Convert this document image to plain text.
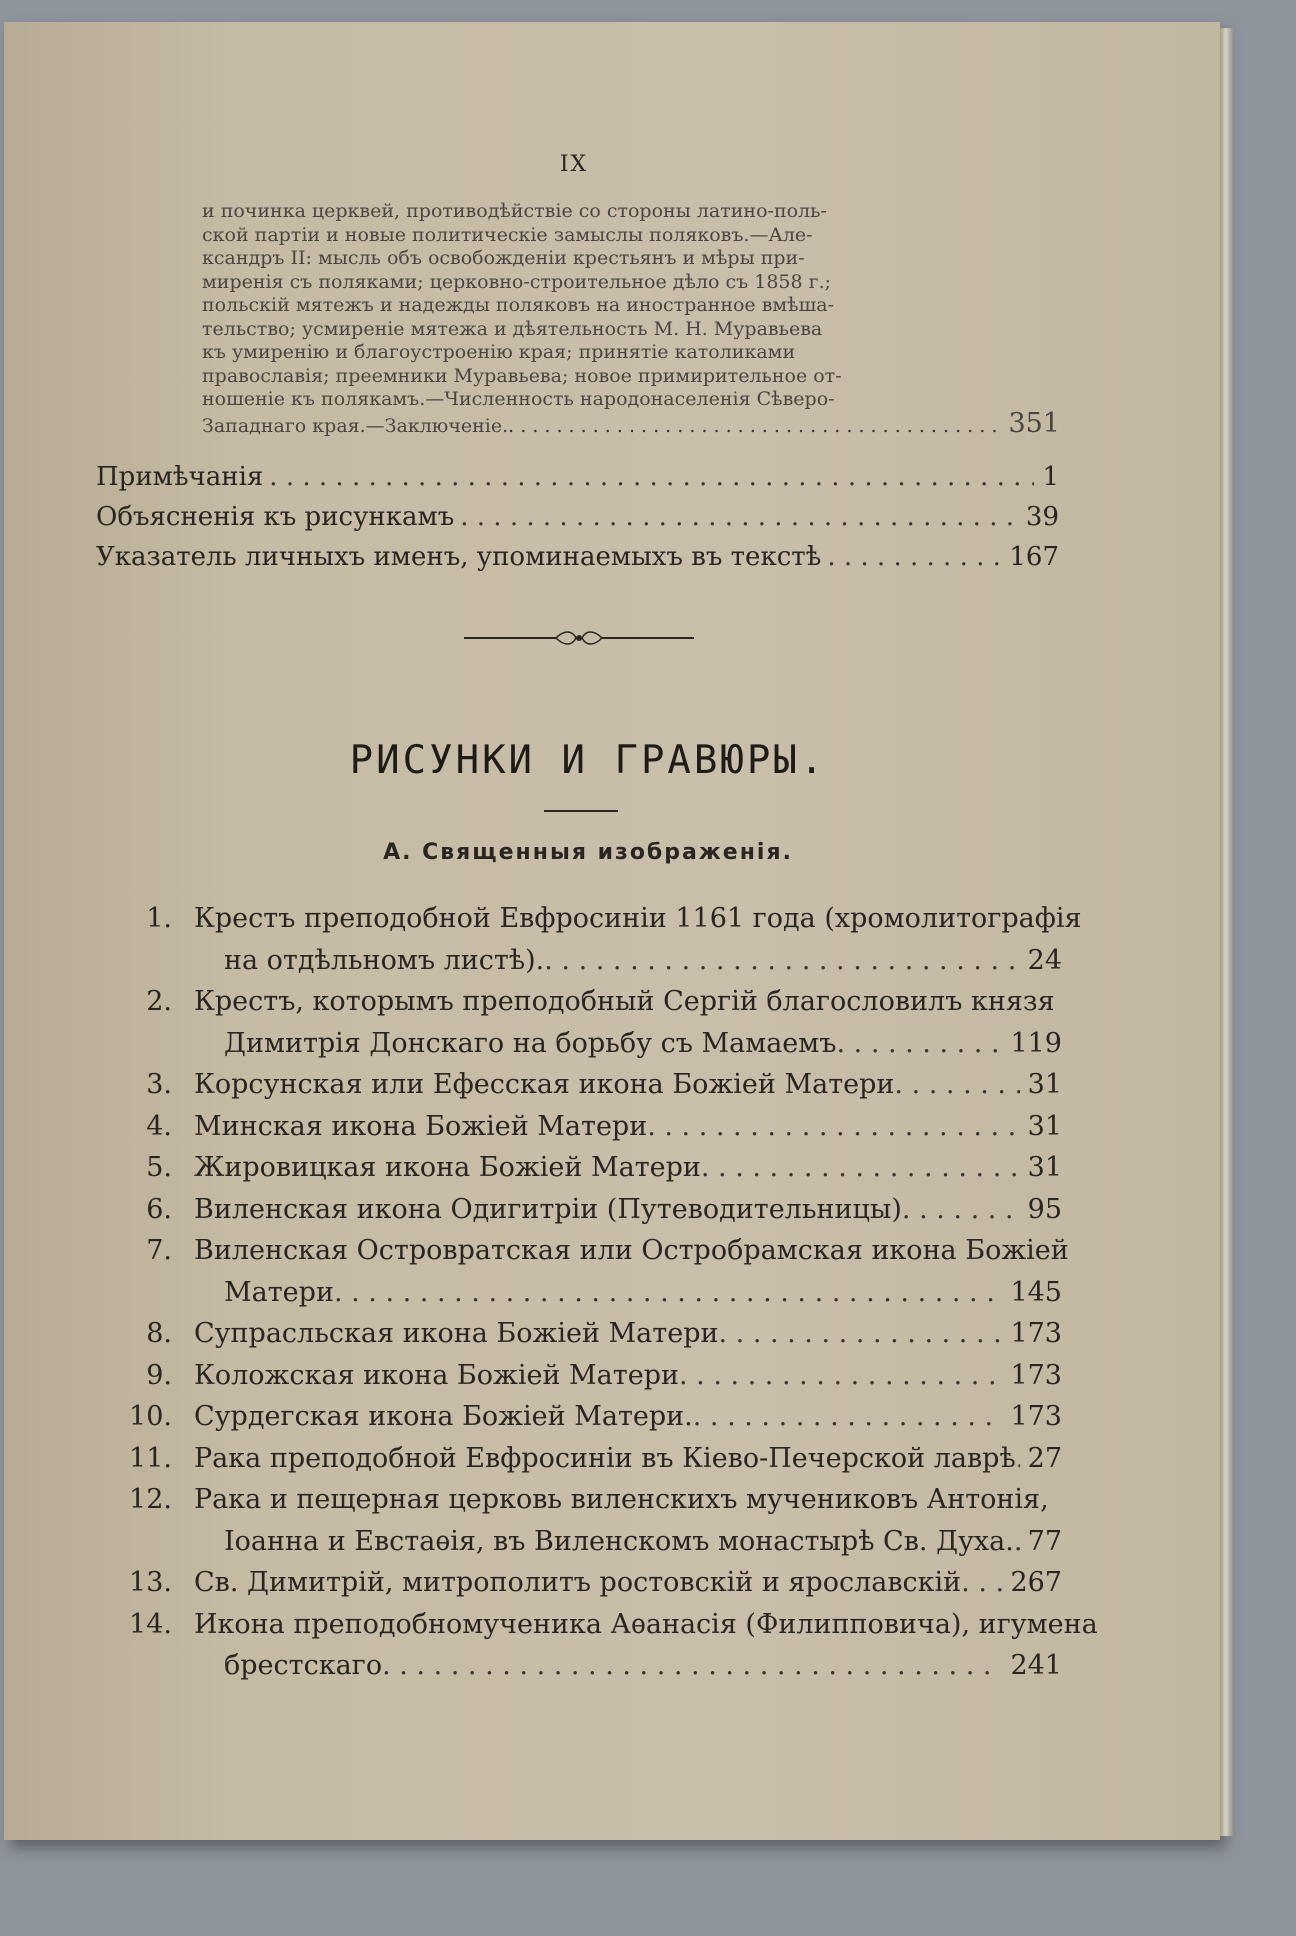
IX
и починка церквей, противодѣйствіе со стороны латино-поль-
ской партіи и новые политическіе замыслы поляковъ.—Але-
ксандръ II: мысль объ освобожденіи крестьянъ и мѣры при-
миренія съ поляками; церковно-строительное дѣло съ 1858 г.;
польскій мятежъ и надежды поляковъ на иностранное вмѣша-
тельство; усмиреніе мятежа и дѣятельность М. Н. Муравьева
къ умиренію и благоустроенію края; принятіе католиками
православія; преемники Муравьева; новое примирительное от-
ношеніе къ полякамъ.—Численность народонаселенія Сѣверо-
Западнаго края.—Заключеніе. . . .	351
Примѣчанія . . .	1
Объясненія къ рисункамъ . . .	39
Указатель личныхъ именъ, упоминаемыхъ въ текстѣ . . .	167
РИСУНКИ И ГРАВЮРЫ.
А. Священныя изображенія.
1. Крестъ преподобной Евфросиніи 1161 года (хромолитографія
на отдѣльномъ листѣ). . . .	24
2. Крестъ, которымъ преподобный Сергій благословилъ князя
Димитрія Донскаго на борьбу съ Мамаемъ . . .	119
3. Корсунская или Ефесская икона Божіей Матери . . .	31
4. Минская икона Божіей Матери . . .	31
5. Жировицкая икона Божіей Матери . . .	31
6. Виленская икона Одигитріи (Путеводительницы) . . .	95
7. Виленская Островратская или Остробрамская икона Божіей
Матери . . .	145
8. Супрасльская икона Божіей Матери . . .	173
9. Коложская икона Божіей Матери . . .	173
10. Сурдегская икона Божіей Матери. . . .	173
11. Рака преподобной Евфросиніи въ Кіево-Печерской лаврѣ . . . 27
12. Рака и пещерная церковь виленскихъ мучениковъ Антонія,
Іоанна и Евстаѳія, въ Виленскомъ монастырѣ Св. Духа. . . . 77
13. Св. Димитрій, митрополитъ ростовскій и ярославскій . . . 267
14. Икона преподобномученика Аѳанасія (Филипповича), игумена
брестскаго . . .	241
